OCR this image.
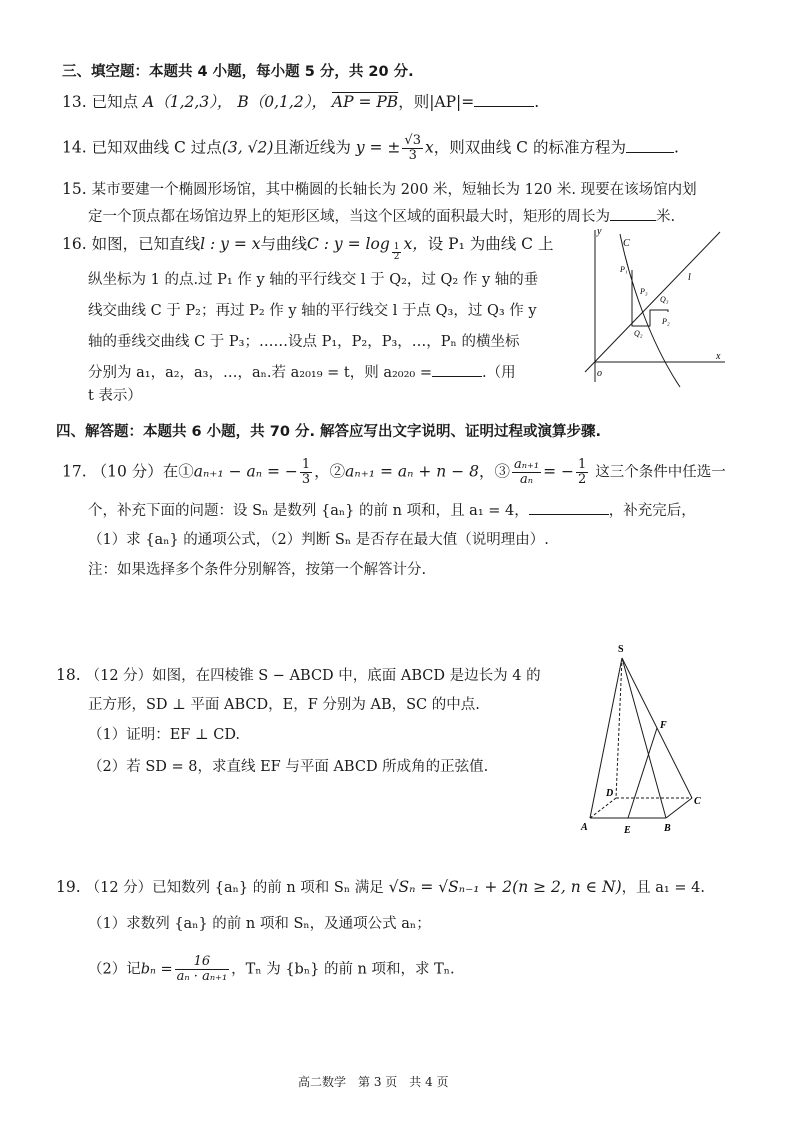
三、填空题：本题共 4 小题，每小题 5 分，共 20 分.
13. 已知点 A（1,2,3）， B（0,1,2）， AP = PB，则|AP|=	.
14. 已知双曲线 C 过点(3, √2)且渐近线为 y = ± $\frac{√3}{3}$ x，则双曲线 C 的标准方程为	.
15. 某市要建一个椭圆形场馆，其中椭圆的长轴长为 200 米，短轴长为 120 米. 现要在该场馆内划
定一个顶点都在场馆边界上的矩形区域，当这个区域的面积最大时，矩形的周长为	米.
16. 如图，已知直线l : y = x与曲线C : $y = \log \frac{1}{2}$ x，设 P₁ 为曲线 C 上
纵坐标为 1 的点.过 P₁ 作 y 轴的平行线交 l 于 Q₂，过 Q₂ 作 y 轴的垂
线交曲线 C 于 P₂；再过 P₂ 作 y 轴的平行线交 l 于点 Q₃，过 Q₃ 作 y
轴的垂线交曲线 C 于 P₃；……设点 P₁，P₂，P₃，…，Pₙ 的横坐标
分别为 a₁，a₂，a₃，…，aₙ.若 a₂₀₁₉ = t，则 a₂₀₂₀ =	.（用
t 表示）
y
x
o
C
l
P₁
P₃
Q₃
P₂
Q₂
四、解答题：本题共 6 小题，共 70 分. 解答应写出文字说明、证明过程或演算步骤.
17. （10 分）在①aₙ₊₁ − aₙ = − $\frac{1}{3}$ ，②aₙ₊₁ = aₙ + n − 8，③ $\frac{\text{aₙ₊₁}}{\text{aₙ}}$ = − $\frac{1}{2}$ 这三个条件中任选一
个，补充下面的问题：设 Sₙ 是数列 {aₙ} 的前 n 项和，且 a₁ = 4，	，补充完后，
（1）求 {aₙ} 的通项公式，（2）判断 Sₙ 是否存在最大值（说明理由）.
注：如果选择多个条件分别解答，按第一个解答计分.
18. （12 分）如图，在四棱锥 S − ABCD 中，底面 ABCD 是边长为 4 的
正方形，SD ⊥ 平面 ABCD，E，F 分别为 AB，SC 的中点.
（1）证明：EF ⊥ CD.
（2）若 SD = 8，求直线 EF 与平面 ABCD 所成角的正弦值.
S
F
D
C
A	E	B
19. （12 分）已知数列 {aₙ} 的前 n 项和 Sₙ 满足 √Sₙ = √Sₙ₋₁ + 2(n ≥ 2, n ∈ N)，且 a₁ = 4.
（1）求数列 {aₙ} 的前 n 项和 Sₙ，及通项公式 aₙ；
（2）记$b_n = \frac{16}{\text{aₙ · aₙ₊₁}}$ ，Tₙ 为 {bₙ} 的前 n 项和，求 Tₙ.
高二数学　第 3 页　共 4 页
